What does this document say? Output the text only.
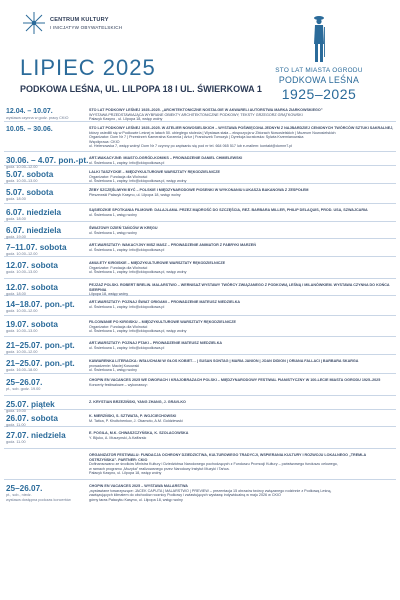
CENTRUM KULTURY
I INICJATYW OBYWATELSKICH
LIPIEC 2025
PODKOWA LEŚNA, UL. LILPOPA 18 I UL. ŚWIERKOWA 1
STO LAT MIASTA OGRODU
PODKOWA LEŚNA
1925–2025
12.04. – 10.07.
wystawa czynna w godz. pracy CKIO
STO LAT PODKOWY LEŚNEJ 1925–2025. „ARCHITEKTONICZNE NOSTALGIE W AKWARELI AUTORSTWA MARKA ZIARKOWSKIEGO”
WYSTAWA PRZEDSTAWIAJĄCA WYBRANE OBIEKTY ARCHITEKTONICZNE PODKOWY, TEKSTY GRZEGORZ GRĄTKOWSKI
Pałacyk Kasyno , ul. Lilpopa 18, wstęp wolny
10.05. – 30.06.	STO LAT PODKOWY LEŚNEJ 1925–2025. W ATELIER NOWOSIELSKICH – WYSTAWA POŚWIĘCONA JEDNYM Z NAJBARDZIEJ CENIONYCH TWÓRCÓW SZTUKI SAKRALNEJ,
którzy osiedlili się w Podkowie Leśnej w latach 50. ubiegłego stulecia | Wystawa stała – ekspozycja w Zbiorach Nowosielskich | Muzeum Nowosielskich
Organizator: Dom Nr 7 | Przestrzeń Kameralna Korzenia | Artur | Franciszek Tomczyk | Dyrekcja kuratorska: Sylwia Krzemianowska
Współpraca: CKIO
ul. Helenowska 7, wstęp wolny! Dom Nr 7 czynny po zapisaniu się pod nr tel. 664 065 517 lub e-mailem: kontakt@domnr7.pl
30.06. – 4.07. pon.-pt.
godz. 10.00–12.00
ART-WAKACYJNE: MIASTO-OGRÓD-KOMIKS – PROWADZENIE DANIEL CHMIELEWSKI
ul. Świerkowa 1, zapisy: info@ckiopodkowa.pl
5.07. sobota
godz. 10.00–13.00
LALKI TASZYCKIE – MIĘDZYKULTUROWE WARSZTATY RĘKODZIELNICZE
Organizator: Fundacja dla Wolności
ul. Świerkowa 1, zapisy: info@ckiopodkowa.pl, wstęp wolny
5.07. sobota
godz. 18.00
ŻEBY SZCZĘŚLIWYM BYĆ – POLSKIE I MIĘDZYNARODOWE PIOSENKI W WYKONANIU ŁUKASZA BAKANOWA Z ZESPOŁEM
Pleszewski Pałacyk Kasyno, ul. Lilpopa 18, wstęp wolny
6.07. niedziela
godz. 18.00
SĄSIEDZKIE SPOTKANIA FILMOWE: DALAJLAMA. PRZEZ MĄDROŚĆ DO SZCZĘŚCIA, REŻ. BARBARA MILLER, PHILIP DELAQUIS, PROD. USA, SZWAJCARIA
ul. Świerkowa 1, wstęp wolny
6.07. niedziela
godz. 19.00
ŚWIATOWY DZIEŃ TAŃCÓW W KRĘGU
ul. Świerkowa 1, wstęp wolny
7–11.07. sobota
godz. 10.00–12.00
ART-WARSZTATY: WAKACYJNY MISZ MASZ – PROWADZENIE ANIMATOR Z FABRYKI MARZEŃ
ul. Świerkowa 1, zapisy: info@ckiopodkowa.pl
12.07. sobota
godz. 10.00–13.00
AMULETY KIRGISKIE – MIĘDZYKULTUROWE WARSZTATY RĘKODZIELNICZE
Organizator: Fundacja dla Wolności
ul. Świerkowa 1, zapisy: info@ckiopodkowa.pl, wstęp wolny
12.07. sobota
godz. 18.00
PEJZAŻ POLSKI. ROBERT BRELIN. MALARSTWO – WERNISAŻ WYSTAWY TWÓRCY ZWIĄZANEGO Z PODKOWĄ LEŚNĄ I MILANÓWKIEM. WYSTAWA CZYNNA DO KOŃCA SIERPNIA
Lilpopa 18, wstęp wolny
14–18.07. pon.-pt.
godz. 10.00–12.00
ART-WARSZTATY: POZNAJ ŚWIAT ORIGAMI – PROWADZENIE MATEUSZ NIEDZIELKA
ul. Świerkowa 1, zapisy: info@ckiopodkowa.pl
19.07. sobota
godz. 10.00–13.00
FILCOWANIE PO KIRGISKU – MIĘDZYKULTUROWE WARSZTATY RĘKODZIELNICZE
Organizator: Fundacja dla Wolności
ul. Świerkowa 1, zapisy: info@ckiopodkowa.pl, wstęp wolny
21–25.07. pon.-pt.
godz. 10.00–12.00
ART-WARSZTATY: POZNAJ PTAKI – PROWADZENIE MATEUSZ NIEDZIELKA
ul. Świerkowa 1, zapisy: info@ckiopodkowa.pl
21–25.07. pon.-pt.
godz. 16.00–18.00
KAWIARENKA LITERACKA: WSŁUCHANI W GŁOS KOBIET… | SUSAN SONTAG | MARIA JANION | JOAN DIDION | ORIANA FALLACI | BARBARA SKARGA
prowadzenie: Maciej Kosowski
ul. Świerkowa 1, wstęp wolny
25–26.07.
pt., sob. godz. 19.00
CHOPIN EN VACANCES 2025 WE DWORACH I KRAJOBRAZACH POLSKI – MIĘDZYNARODOWY FESTIWAL PIANISTYCZNY W 100-LECIE MIASTA OGRODU 1925–2025
Koncerty festiwalowe – wykonawcy:
25.07. piątek
godz. 19.00
Z. KRYSTIAN BRZEZIŃSKI, YANG ZHANG, J. GRAVLKO
26.07. sobota
godz. 11.00
K. MIERZŃSKI, S. SZTWATA, P. WOJCIECHOWSKI
M. Tatica, P. Kholtchenkov, J. Okamoto, A.M. Goldzlewski
27.07. niedziela
godz. 11.00
E. POGILA, M.K. CHWASZCZYŃSKA, K. SZOLACOWSKA
Y. Bijuko, A. Muszynski, A.Kaffarskı
ORGANIZATOR FESTIWALU: FUNDACJA OCHRONY DZIEDZICTWA, KULTUROWEGO TRADYCJI, WSPIERANIA KULTURY I ROZWOJU LOKALNEGO „TREMLA OSTRZYŃSKA”. PARTNER: CKIO
Dofinansowano ze środków Ministra Kultury i Dziedzictwa Narodowego pochodzących z Funduszu Promocji Kultury – państwowego funduszu celowego,
w ramach programu „Muzyka” realizowanego przez Narodowy Instytut Muzyki i Tańca.
Pałacyk Kasyno, ul. Lilpopa 18, wstęp wolny
25–26.07.
pt., sob., niedz.
wystawa dostępna podczas koncertów
CHOPIN EN VACANCES 2025 – WYSTAWA MALARSTWA
„wystawiane towarzyszące: JACEK CAPUTA | MALARSTWO | PREVIEW – prezentacja 15 obrazów twórcy związanego rodzinnie z Podkową Leśną,
zawiązujących klimatem do obchodów rocznicy Podkowy i zwiastujących wystawę indywidualną w maju 2026 w CKIO
górny taras Pałacyku Kasyno, ul. Lilpopa 18, wstęp wolny
